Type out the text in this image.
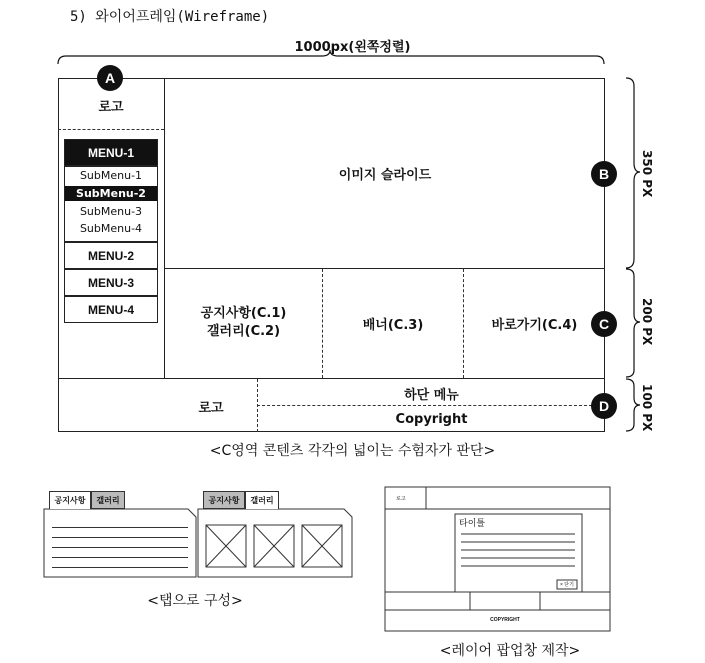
5) 와이어프레임(Wireframe)
1000px(왼쪽정렬)
로고
MENU-1
SubMenu-1
SubMenu-2
SubMenu-3
SubMenu-4
MENU-2
MENU-3
MENU-4
이미지 슬라이드
공지사항(C.1)
갤러리(C.2)	배너(C.3)	바로가기(C.4)
로고
하단 메뉴
Copyright
A
B
C
D
350 PX
200 PX
100 PX
<C영역 콘텐츠 각각의 넓이는 수험자가 판단>
공지사항	갤러리	공지사항	갤러리
<탭으로 구성>
로고
타이틀
× 닫기
COPYRIGHT
<레이어 팝업창 제작>
